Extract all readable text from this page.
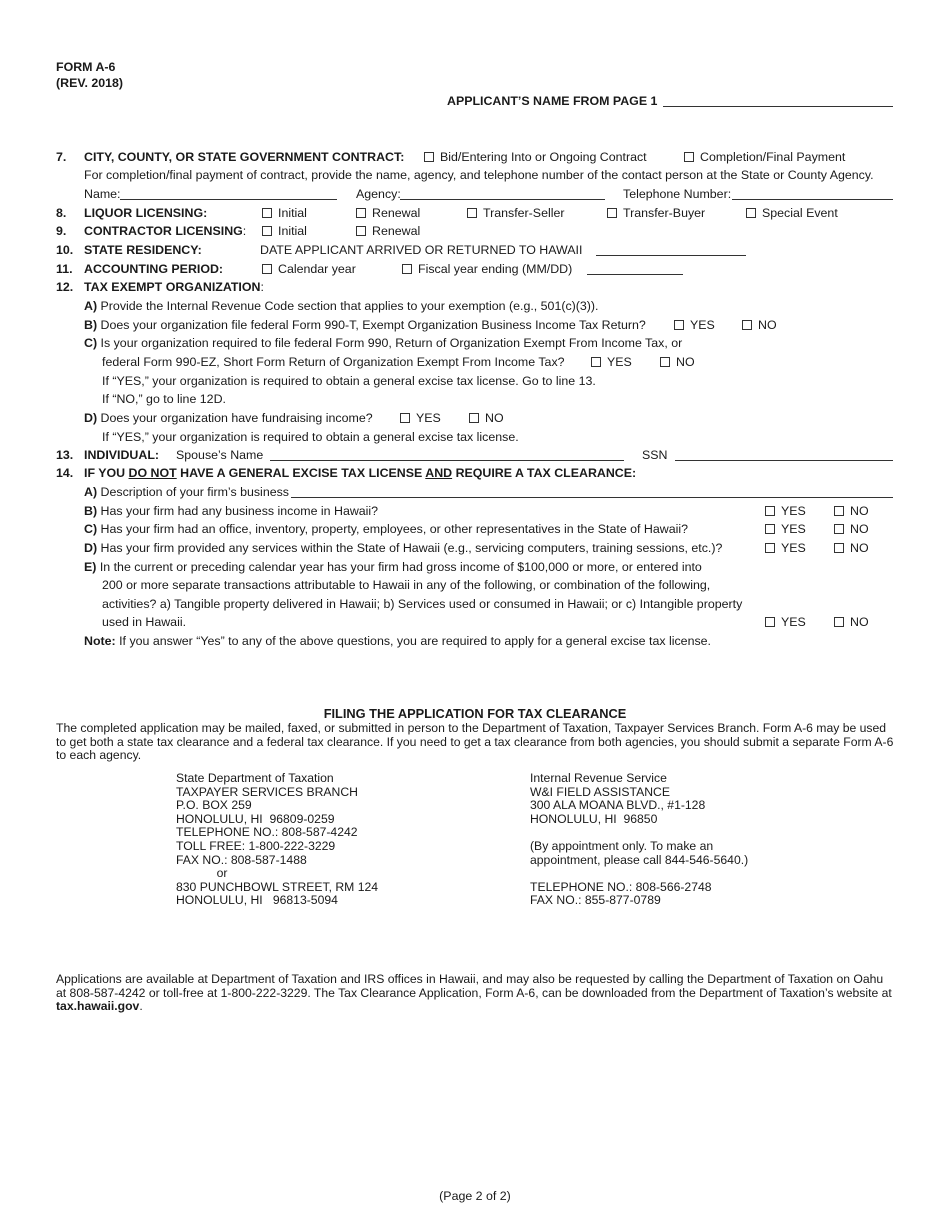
FORM A-6
(REV. 2018)
APPLICANT’S NAME FROM PAGE 1
7. CITY, COUNTY, OR STATE GOVERNMENT CONTRACT:	Bid/Entering Into or Ongoing Contract	Completion/Final Payment
For completion/final payment of contract, provide the name, agency, and telephone number of the contact person at the State or County Agency.
Name:	Agency:	Telephone Number:
8. LIQUOR LICENSING:	Initial	Renewal	Transfer-Seller	Transfer-Buyer	Special Event
9. CONTRACTOR LICENSING:	Initial	Renewal
10. STATE RESIDENCY:	DATE APPLICANT ARRIVED OR RETURNED TO HAWAII
11. ACCOUNTING PERIOD:	Calendar year	Fiscal year ending (MM/DD)
12. TAX EXEMPT ORGANIZATION:
A) Provide the Internal Revenue Code section that applies to your exemption (e.g., 501(c)(3)).
B) Does your organization file federal Form 990-T, Exempt Organization Business Income Tax Return?	YES	NO
C) Is your organization required to file federal Form 990, Return of Organization Exempt From Income Tax, or
federal Form 990-EZ, Short Form Return of Organization Exempt From Income Tax?	YES	NO
If “YES,” your organization is required to obtain a general excise tax license. Go to line 13.
If “NO,” go to line 12D.
D) Does your organization have fundraising income?	YES	NO
If “YES,” your organization is required to obtain a general excise tax license.
13. INDIVIDUAL: Spouse’s Name	SSN
14. IF YOU DO NOT HAVE A GENERAL EXCISE TAX LICENSE AND REQUIRE A TAX CLEARANCE:
A) Description of your firm’s business
B) Has your firm had any business income in Hawaii?	YES	NO
C) Has your firm had an office, inventory, property, employees, or other representatives in the State of Hawaii?	YES	NO
D) Has your firm provided any services within the State of Hawaii (e.g., servicing computers, training sessions, etc.)?	YES	NO
E) In the current or preceding calendar year has your firm had gross income of $100,000 or more, or entered into
200 or more separate transactions attributable to Hawaii in any of the following, or combination of the following,
activities? a) Tangible property delivered in Hawaii; b) Services used or consumed in Hawaii; or c) Intangible property
used in Hawaii.	YES	NO
Note: If you answer “Yes” to any of the above questions, you are required to apply for a general excise tax license.
FILING THE APPLICATION FOR TAX CLEARANCE
The completed application may be mailed, faxed, or submitted in person to the Department of Taxation, Taxpayer Services Branch. Form A-6 may be used to get both a state tax clearance and a federal tax clearance. If you need to get a tax clearance from both agencies, you should submit a separate Form A-6 to each agency.
State Department of Taxation
TAXPAYER SERVICES BRANCH
P.O. BOX 259
HONOLULU, HI  96809-0259
TELEPHONE NO.: 808-587-4242
TOLL FREE: 1-800-222-3229
FAX NO.: 808-587-1488
or
830 PUNCHBOWL STREET, RM 124
HONOLULU, HI   96813-5094
Internal Revenue Service
W&I FIELD ASSISTANCE
300 ALA MOANA BLVD., #1-128
HONOLULU, HI  96850

(By appointment only. To make an
appointment, please call 844-546-5640.)

TELEPHONE NO.: 808-566-2748
FAX NO.: 855-877-0789
Applications are available at Department of Taxation and IRS offices in Hawaii, and may also be requested by calling the Department of Taxation on Oahu at 808-587-4242 or toll-free at 1-800-222-3229. The Tax Clearance Application, Form A-6, can be downloaded from the Department of Taxation’s website at tax.hawaii.gov.
(Page 2 of 2)
